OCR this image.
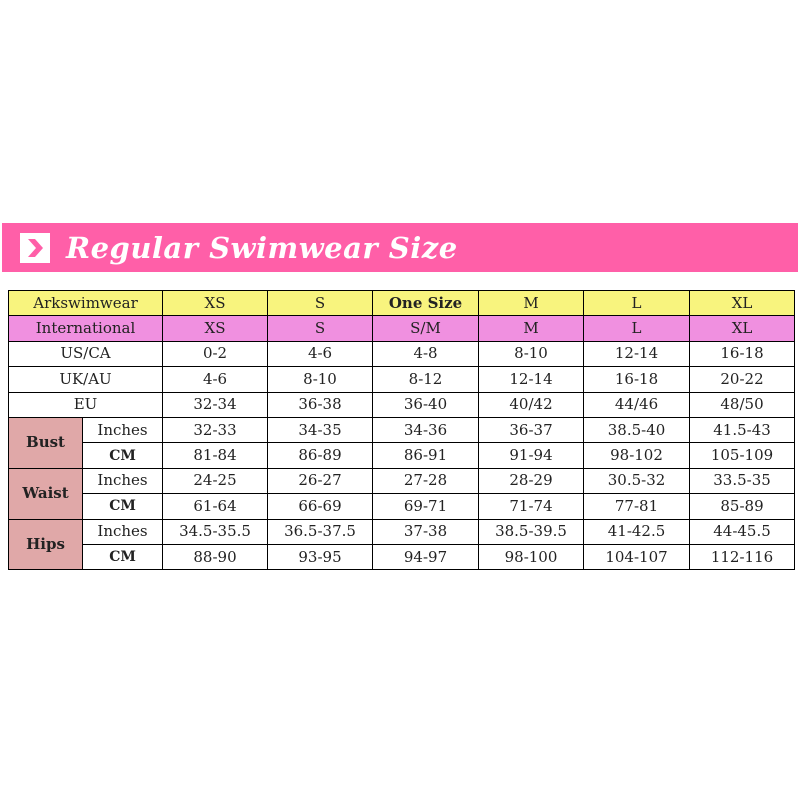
Regular Swimwear Size
Arkswimwear		XS	S	One Size	M	L	XL
International		XS	S	S/M	M	L	XL
US/CA		0-2	4-6	4-8	8-10	12-14	16-18
UK/AU		4-6	8-10	8-12	12-14	16-18	20-22
EU		32-34	36-38	36-40	40/42	44/46	48/50
Bust	Inches	32-33	34-35	34-36	36-37	38.5-40	41.5-43
	CM	81-84	86-89	86-91	91-94	98-102	105-109
Waist	Inches	24-25	26-27	27-28	28-29	30.5-32	33.5-35
	CM	61-64	66-69	69-71	71-74	77-81	85-89
Hips	Inches	34.5-35.5	36.5-37.5	37-38	38.5-39.5	41-42.5	44-45.5
	CM	88-90	93-95	94-97	98-100	104-107	112-116
